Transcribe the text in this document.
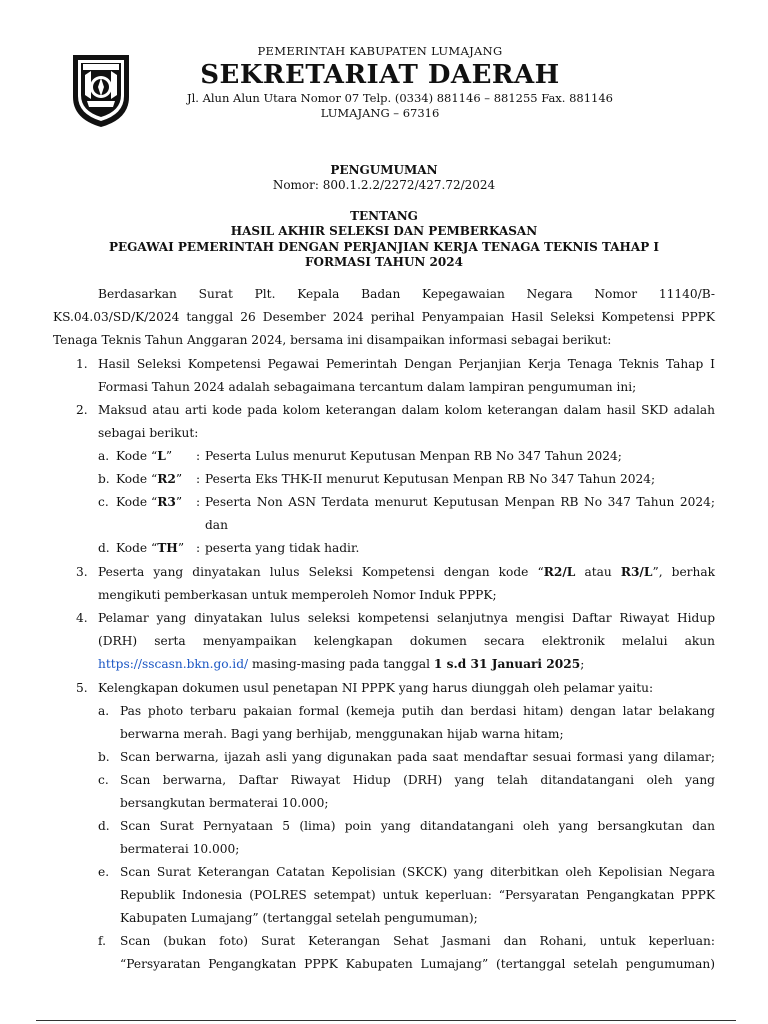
PEMERINTAH KABUPATEN LUMAJANG
SEKRETARIAT DAERAH
Jl. Alun Alun Utara Nomor 07 Telp. (0334) 881146 – 881255 Fax. 881146
LUMAJANG – 67316
PENGUMUMAN
Nomor: 800.1.2.2/2272/427.72/2024
TENTANG
HASIL AKHIR SELEKSI DAN PEMBERKASAN
PEGAWAI PEMERINTAH DENGAN PERJANJIAN KERJA TENAGA TEKNIS TAHAP I
FORMASI TAHUN 2024
Berdasarkan Surat Plt. Kepala Badan Kepegawaian Negara Nomor 11140/B-
KS.04.03/SD/K/2024 tanggal 26 Desember 2024 perihal Penyampaian Hasil Seleksi Kompetensi PPPK
Tenaga Teknis Tahun Anggaran 2024, bersama ini disampaikan informasi sebagai berikut:
1. Hasil Seleksi Kompetensi Pegawai Pemerintah Dengan Perjanjian Kerja Tenaga Teknis Tahap I
Formasi Tahun 2024 adalah sebagaimana tercantum dalam lampiran pengumuman ini;
2. Maksud atau arti kode pada kolom keterangan dalam kolom keterangan dalam hasil SKD adalah
sebagai berikut:
a. Kode “L” : Peserta Lulus menurut Keputusan Menpan RB No 347 Tahun 2024;
b. Kode “R2” : Peserta Eks THK-II menurut Keputusan Menpan RB No 347 Tahun 2024;
c. Kode “R3” : Peserta Non ASN Terdata menurut Keputusan Menpan RB No 347 Tahun 2024;
dan
d. Kode “TH” : peserta yang tidak hadir.
3. Peserta yang dinyatakan lulus Seleksi Kompetensi dengan kode “R2/L atau R3/L”, berhak
mengikuti pemberkasan untuk memperoleh Nomor Induk PPPK;
4. Pelamar yang dinyatakan lulus seleksi kompetensi selanjutnya mengisi Daftar Riwayat Hidup
(DRH) serta menyampaikan kelengkapan dokumen secara elektronik melalui akun
https://sscasn.bkn.go.id/ masing-masing pada tanggal 1 s.d 31 Januari 2025;
5. Kelengkapan dokumen usul penetapan NI PPPK yang harus diunggah oleh pelamar yaitu:
a. Pas photo terbaru pakaian formal (kemeja putih dan berdasi hitam) dengan latar belakang
berwarna merah. Bagi yang berhijab, menggunakan hijab warna hitam;
b. Scan berwarna, ijazah asli yang digunakan pada saat mendaftar sesuai formasi yang dilamar;
c. Scan berwarna, Daftar Riwayat Hidup (DRH) yang telah ditandatangani oleh yang
bersangkutan bermaterai 10.000;
d. Scan Surat Pernyataan 5 (lima) poin yang ditandatangani oleh yang bersangkutan dan
bermaterai 10.000;
e. Scan Surat Keterangan Catatan Kepolisian (SKCK) yang diterbitkan oleh Kepolisian Negara
Republik Indonesia (POLRES setempat) untuk keperluan: “Persyaratan Pengangkatan PPPK
Kabupaten Lumajang” (tertanggal setelah pengumuman);
f. Scan (bukan foto) Surat Keterangan Sehat Jasmani dan Rohani, untuk keperluan:
“Persyaratan Pengangkatan PPPK Kabupaten Lumajang” (tertanggal setelah pengumuman)
